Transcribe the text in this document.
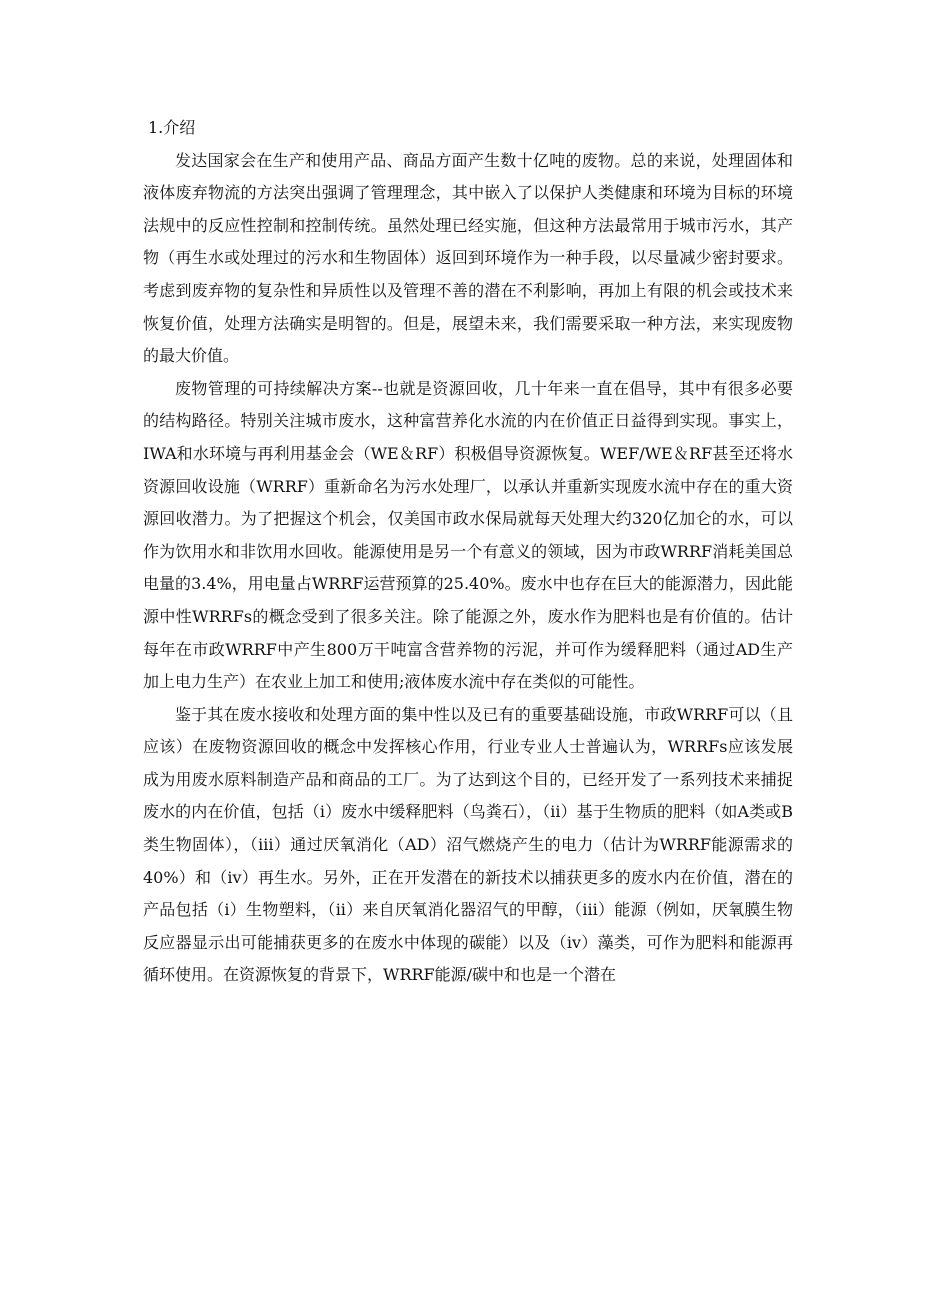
1.介绍

发达国家会在生产和使用产品、商品方面产生数十亿吨的废物。总的来说，处理固体和液体废弃物流的方法突出强调了管理理念，其中嵌入了以保护人类健康和环境为目标的环境法规中的反应性控制和控制传统。虽然处理已经实施，但这种方法最常用于城市污水，其产物（再生水或处理过的污水和生物固体）返回到环境作为一种手段，以尽量减少密封要求。考虑到废弃物的复杂性和异质性以及管理不善的潜在不利影响，再加上有限的机会或技术来恢复价值，处理方法确实是明智的。但是，展望未来，我们需要采取一种方法，来实现废物的最大价值。

废物管理的可持续解决方案--也就是资源回收，几十年来一直在倡导，其中有很多必要的结构路径。特别关注城市废水，这种富营养化水流的内在价值正日益得到实现。事实上，IWA和水环境与再利用基金会（WE＆RF）积极倡导资源恢复。WEF/WE＆RF甚至还将水资源回收设施（WRRF）重新命名为污水处理厂，以承认并重新实现废水流中存在的重大资源回收潜力。为了把握这个机会，仅美国市政水保局就每天处理大约320亿加仑的水，可以作为饮用水和非饮用水回收。能源使用是另一个有意义的领域，因为市政WRRF消耗美国总电量的3.4%，用电量占WRRF运营预算的25.40%。废水中也存在巨大的能源潜力，因此能源中性WRRFs的概念受到了很多关注。除了能源之外，废水作为肥料也是有价值的。估计每年在市政WRRF中产生800万干吨富含营养物的污泥，并可作为缓释肥料（通过AD生产加上电力生产）在农业上加工和使用;液体废水流中存在类似的可能性。

鉴于其在废水接收和处理方面的集中性以及已有的重要基础设施，市政WRRF可以（且应该）在废物资源回收的概念中发挥核心作用，行业专业人士普遍认为，WRRFs应该发展成为用废水原料制造产品和商品的工厂。为了达到这个目的，已经开发了一系列技术来捕捉废水的内在价值，包括（i）废水中缓释肥料（鸟粪石），（ii）基于生物质的肥料（如A类或B类生物固体），（iii）通过厌氧消化（AD）沼气燃烧产生的电力（估计为WRRF能源需求的40%）和（iv）再生水。另外，正在开发潜在的新技术以捕获更多的废水内在价值，潜在的产品包括（i）生物塑料，（ii）来自厌氧消化器沼气的甲醇，（iii）能源（例如，厌氧膜生物反应器显示出可能捕获更多的在废水中体现的碳能）以及（iv）藻类，可作为肥料和能源再循环使用。在资源恢复的背景下，WRRF能源/碳中和也是一个潜在
